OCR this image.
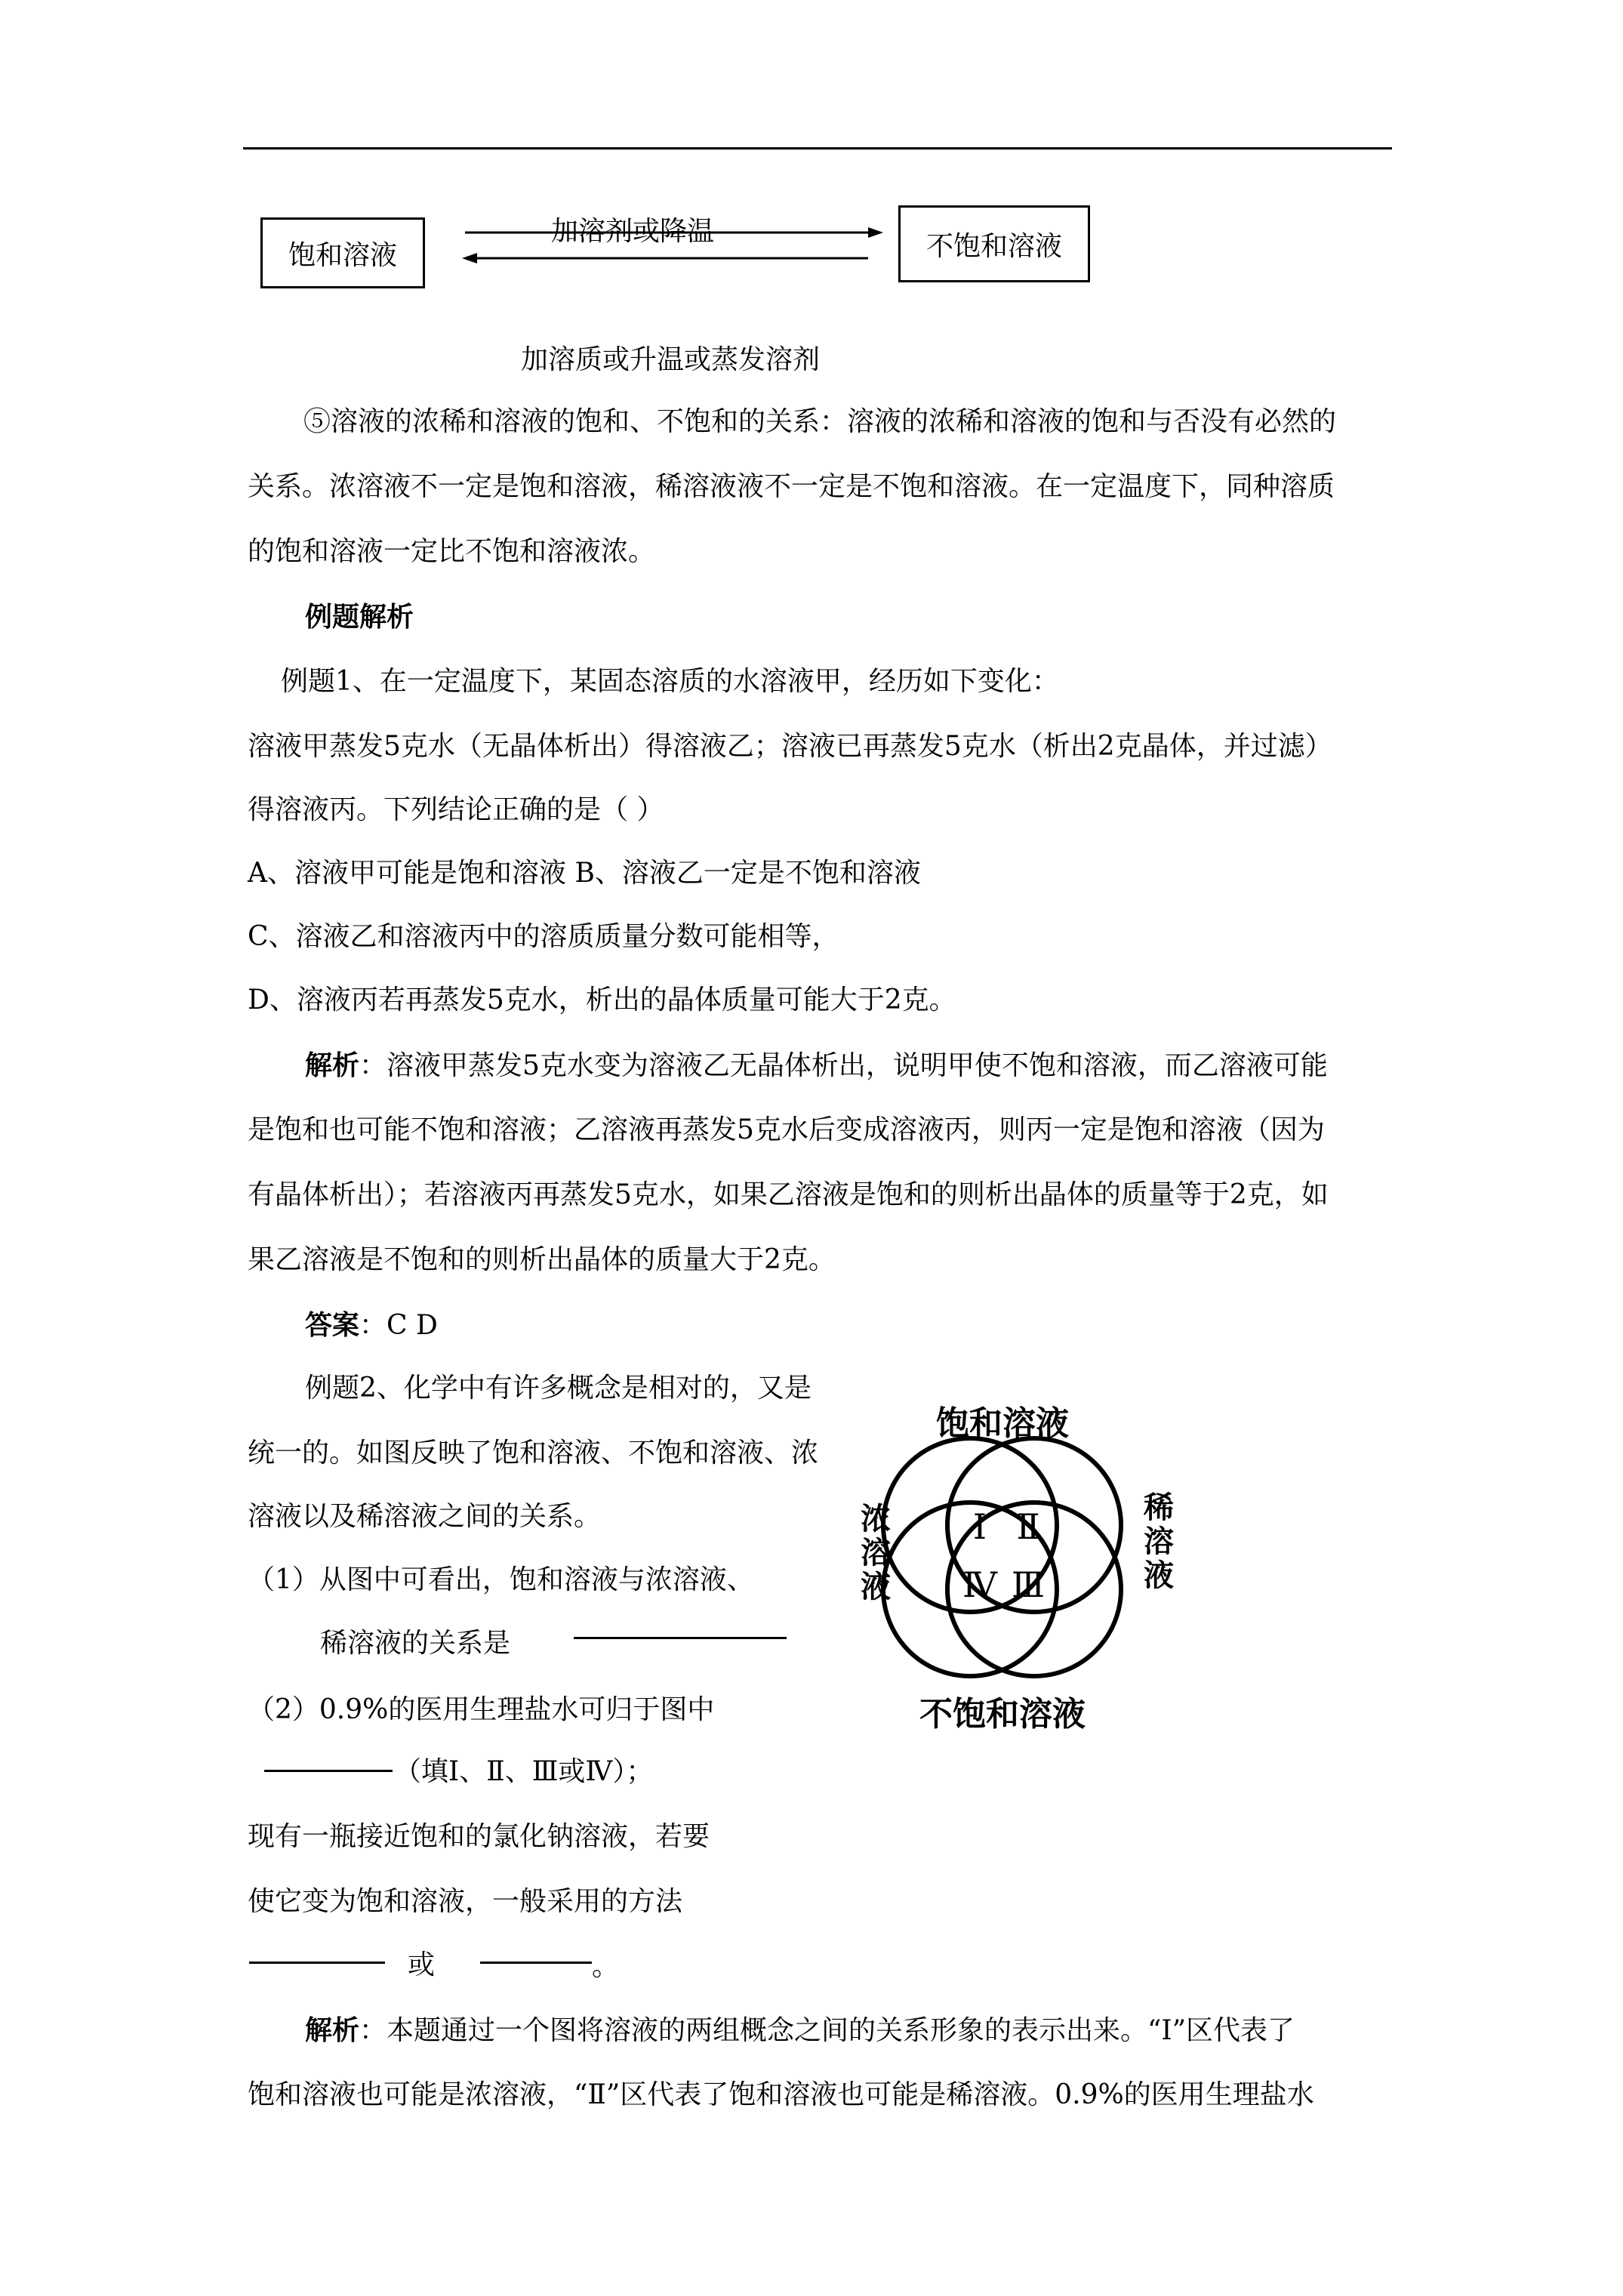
饱和溶液	不饱和溶液
加溶剂或降温
加溶质或升温或蒸发溶剂
⑤溶液的浓稀和溶液的饱和、不饱和的关系：溶液的浓稀和溶液的饱和与否没有必然的
关系。浓溶液不一定是饱和溶液，稀溶液液不一定是不饱和溶液。在一定温度下，同种溶质
的饱和溶液一定比不饱和溶液浓。
例题解析
例题1、在一定温度下，某固态溶质的水溶液甲，经历如下变化：
溶液甲蒸发5克水（无晶体析出）得溶液乙；溶液已再蒸发5克水（析出2克晶体，并过滤）
得溶液丙。下列结论正确的是（ ）
A、溶液甲可能是饱和溶液 B、溶液乙一定是不饱和溶液
C、溶液乙和溶液丙中的溶质质量分数可能相等，
D、溶液丙若再蒸发5克水，析出的晶体质量可能大于2克。
解析：溶液甲蒸发5克水变为溶液乙无晶体析出，说明甲使不饱和溶液，而乙溶液可能
是饱和也可能不饱和溶液；乙溶液再蒸发5克水后变成溶液丙，则丙一定是饱和溶液（因为
有晶体析出）；若溶液丙再蒸发5克水，如果乙溶液是饱和的则析出晶体的质量等于2克，如
果乙溶液是不饱和的则析出晶体的质量大于2克。
答案：C D
例题2、化学中有许多概念是相对的，又是
统一的。如图反映了饱和溶液、不饱和溶液、浓
溶液以及稀溶液之间的关系。
（1）从图中可看出，饱和溶液与浓溶液、
稀溶液的关系是
（2）0.9%的医用生理盐水可归于图中
（填Ⅰ、Ⅱ、Ⅲ或Ⅳ）；
现有一瓶接近饱和的氯化钠溶液，若要
使它变为饱和溶液，一般采用的方法
或	。
解析：本题通过一个图将溶液的两组概念之间的关系形象的表示出来。“Ⅰ”区代表了
饱和溶液也可能是浓溶液，“Ⅱ”区代表了饱和溶液也可能是稀溶液。0.9%的医用生理盐水
饱和溶液
不饱和溶液
浓
溶
液
稀
溶
液
Ⅰ Ⅱ
Ⅲ
Ⅳ
